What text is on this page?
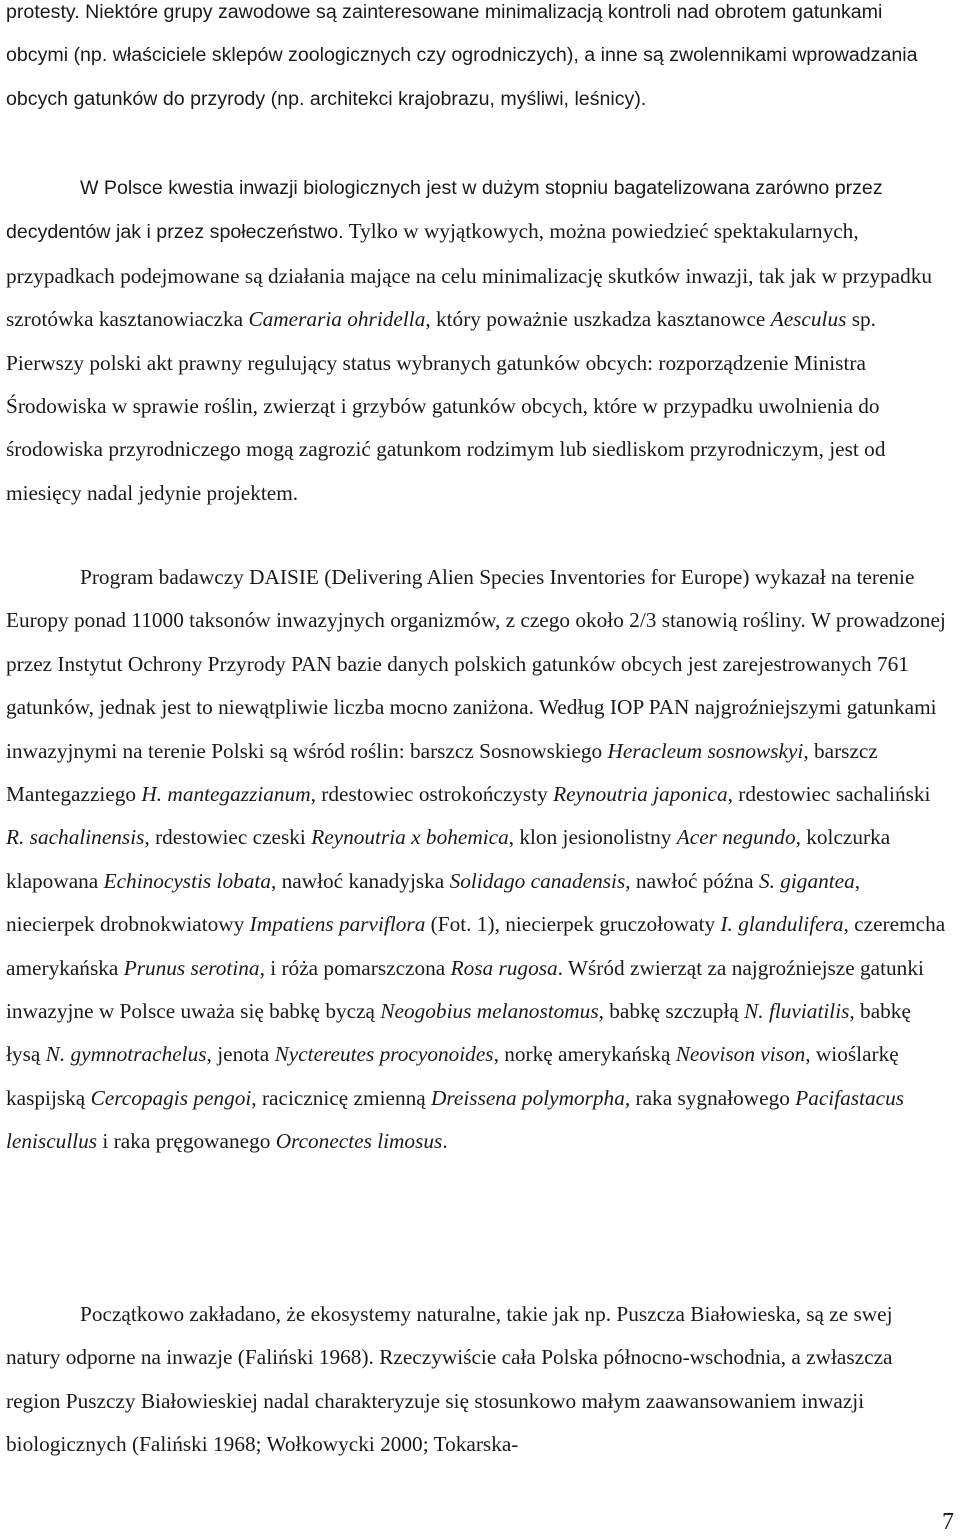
protesty. Niektóre grupy zawodowe są zainteresowane minimalizacją kontroli nad obrotem gatunkami obcymi (np. właściciele sklepów zoologicznych czy ogrodniczych), a inne są zwolennikami wprowadzania obcych gatunków do przyrody (np. architekci krajobrazu, myśliwi, leśnicy).

W Polsce kwestia inwazji biologicznych jest w dużym stopniu bagatelizowana zarówno przez decydentów jak i przez społeczeństwo. Tylko w wyjątkowych, można powiedzieć spektakularnych, przypadkach podejmowane są działania mające na celu minimalizację skutków inwazji, tak jak w przypadku szrotówka kasztanowiaczka Cameraria ohridella, który poważnie uszkadza kasztanowce Aesculus sp. Pierwszy polski akt prawny regulujący status wybranych gatunków obcych: rozporządzenie Ministra Środowiska w sprawie roślin, zwierząt i grzybów gatunków obcych, które w przypadku uwolnienia do środowiska przyrodniczego mogą zagrozić gatunkom rodzimym lub siedliskom przyrodniczym, jest od miesięcy nadal jedynie projektem.

Program badawczy DAISIE (Delivering Alien Species Inventories for Europe) wykazał na terenie Europy ponad 11000 taksonów inwazyjnych organizmów, z czego około 2/3 stanowią rośliny. W prowadzonej przez Instytut Ochrony Przyrody PAN bazie danych polskich gatunków obcych jest zarejestrowanych 761 gatunków, jednak jest to niewątpliwie liczba mocno zaniżona. Według IOP PAN najgroźniejszymi gatunkami inwazyjnymi na terenie Polski są wśród roślin: barszcz Sosnowskiego Heracleum sosnowskyi, barszcz Mantegazziego H. mantegazzianum, rdestowiec ostrokończysty Reynoutria japonica, rdestowiec sachaliński R. sachalinensis, rdestowiec czeski Reynoutria x bohemica, klon jesionolistny Acer negundo, kolczurka klapowana Echinocystis lobata, nawłoć kanadyjska Solidago canadensis, nawłoć późna S. gigantea, niecierpek drobnokwiatowy Impatiens parviflora (Fot. 1), niecierpek gruczołowaty I. glandulifera, czeremcha amerykańska Prunus serotina, i róża pomarszczona Rosa rugosa. Wśród zwierząt za najgroźniejsze gatunki inwazyjne w Polsce uważa się babkę byczą Neogobius melanostomus, babkę szczupłą N. fluviatilis, babkę łysą N. gymnotrachelus, jenota Nyctereutes procyonoides, norkę amerykańską Neovison vison, wioślarkę kaspijską Cercopagis pengoi, racicznicę zmienną Dreissena polymorpha, raka sygnałowego Pacifastacus leniscullus i raka pręgowanego Orconectes limosus.

Początkowo zakładano, że ekosystemy naturalne, takie jak np. Puszcza Białowieska, są ze swej natury odporne na inwazje (Faliński 1968). Rzeczywiście cała Polska północno-wschodnia, a zwłaszcza region Puszczy Białowieskiej nadal charakteryzuje się stosunkowo małym zaawansowaniem inwazji biologicznych (Faliński 1968; Wołkowycki 2000; Tokarska-

7
